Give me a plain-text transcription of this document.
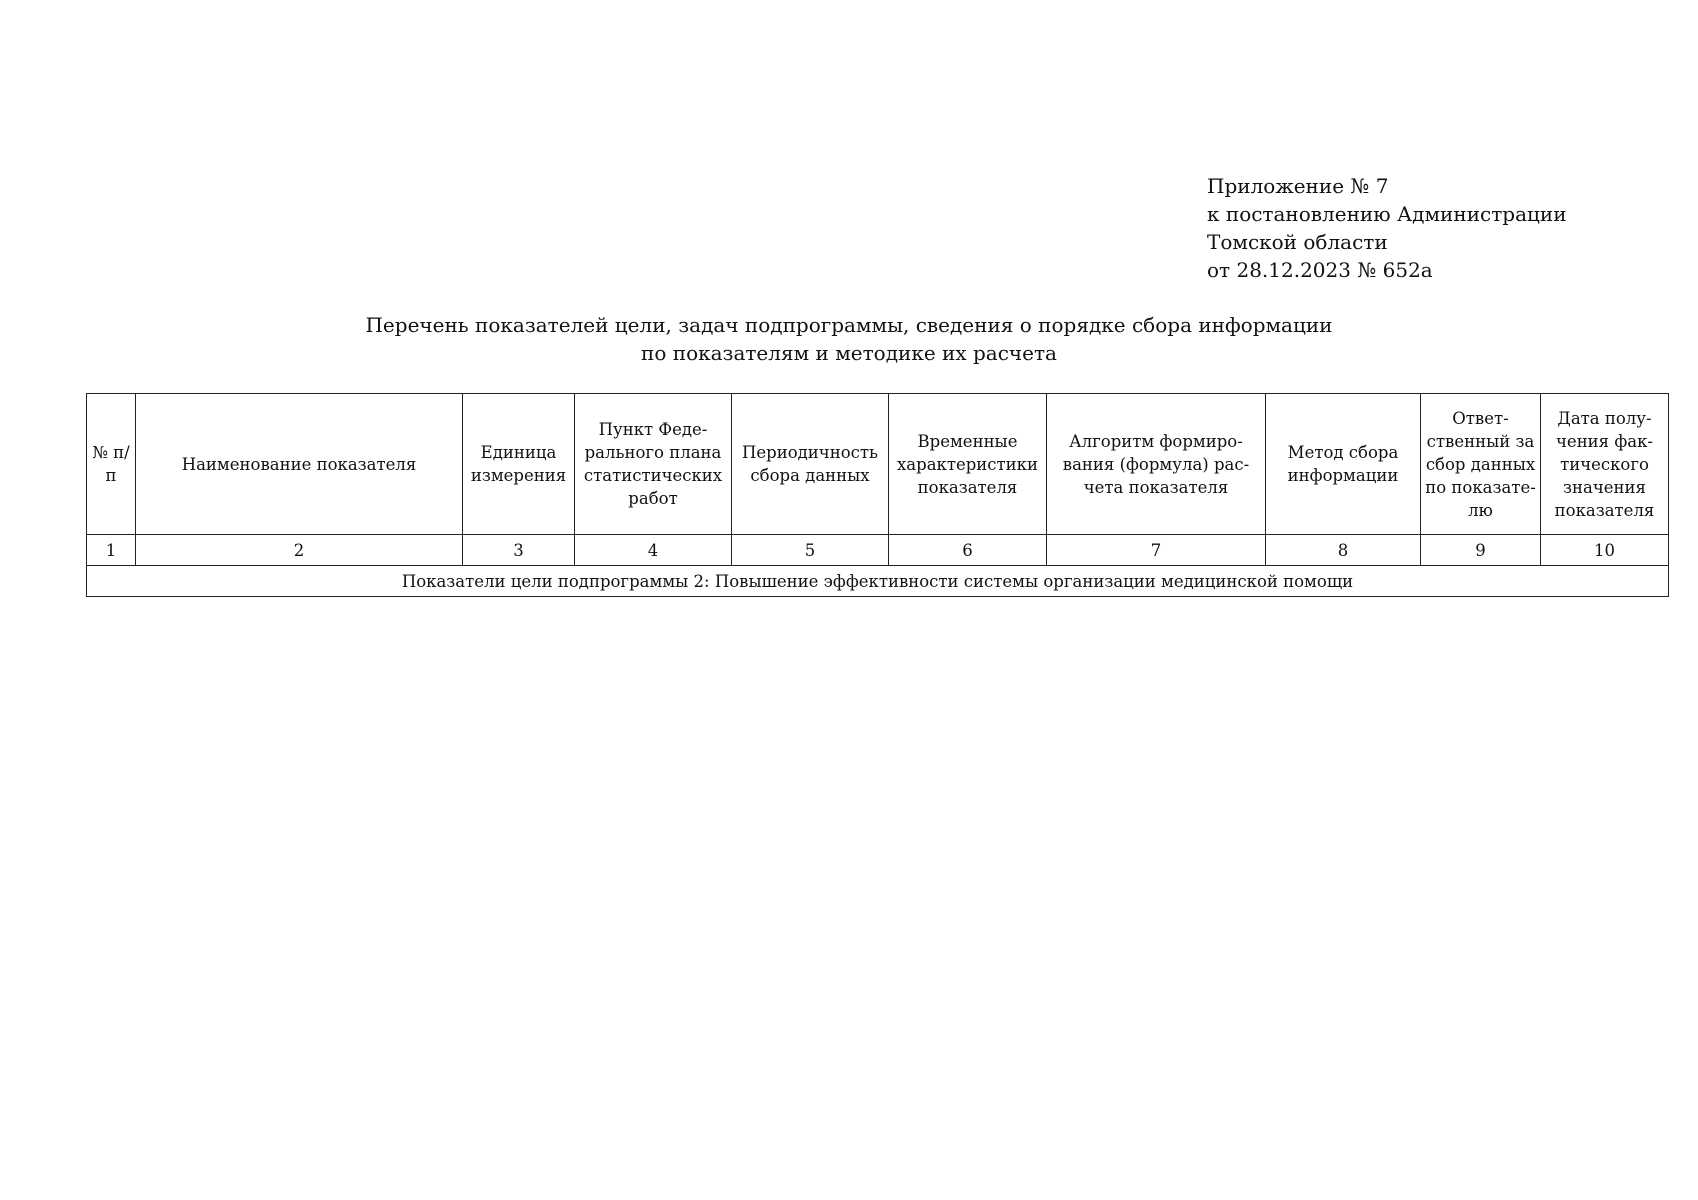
Приложение № 7
к постановлению Администрации
Томской области
от 28.12.2023 № 652а
Перечень показателей цели, задач подпрограммы, сведения о порядке сбора информации
по показателям и методике их расчета
№ п/п	Наименование показателя	Единица измерения	Пункт Феде-рального плана статистических работ	Периодичность сбора данных	Временные характеристики показателя	Алгоритм формиро-вания (формула) рас-чета показателя	Метод сбора информации	Ответ-ственный за сбор данных по показате-лю	Дата полу-чения фак-тического значения показателя
1	2	3	4	5	6	7	8	9	10
Показатели цели подпрограммы 2: Повышение эффективности системы организации медицинской помощи									
